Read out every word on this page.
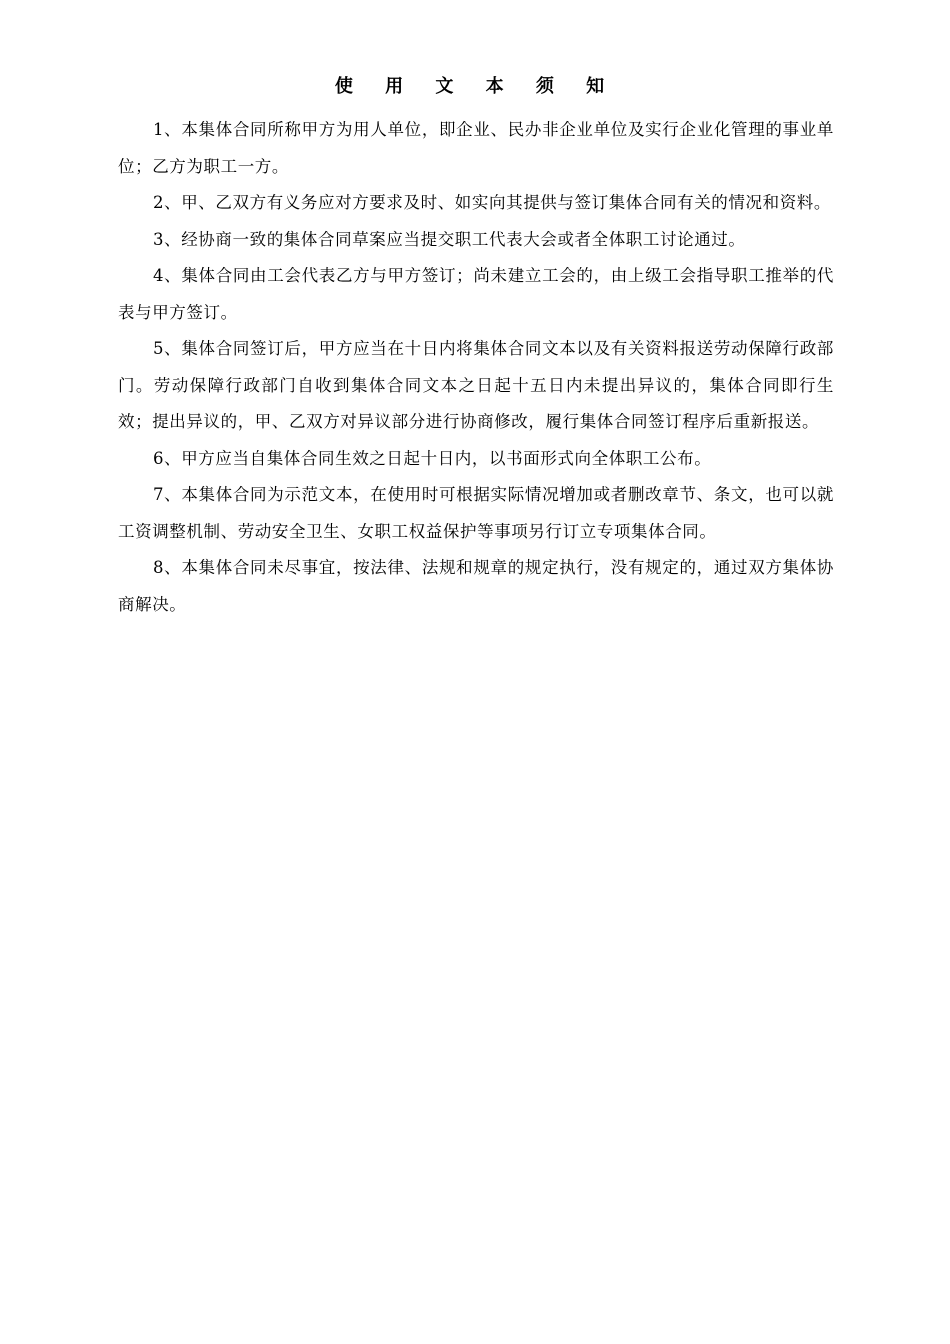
使 用 文 本 须 知

1、本集体合同所称甲方为用人单位，即企业、民办非企业单位及实行企业化管理的事业单位；乙方为职工一方。

2、甲、乙双方有义务应对方要求及时、如实向其提供与签订集体合同有关的情况和资料。

3、经协商一致的集体合同草案应当提交职工代表大会或者全体职工讨论通过。

4、集体合同由工会代表乙方与甲方签订；尚未建立工会的，由上级工会指导职工推举的代表与甲方签订。

5、集体合同签订后，甲方应当在十日内将集体合同文本以及有关资料报送劳动保障行政部门。劳动保障行政部门自收到集体合同文本之日起十五日内未提出异议的，集体合同即行生效；提出异议的，甲、乙双方对异议部分进行协商修改，履行集体合同签订程序后重新报送。

6、甲方应当自集体合同生效之日起十日内，以书面形式向全体职工公布。

7、本集体合同为示范文本，在使用时可根据实际情况增加或者删改章节、条文，也可以就工资调整机制、劳动安全卫生、女职工权益保护等事项另行订立专项集体合同。

8、本集体合同未尽事宜，按法律、法规和规章的规定执行，没有规定的，通过双方集体协商解决。
